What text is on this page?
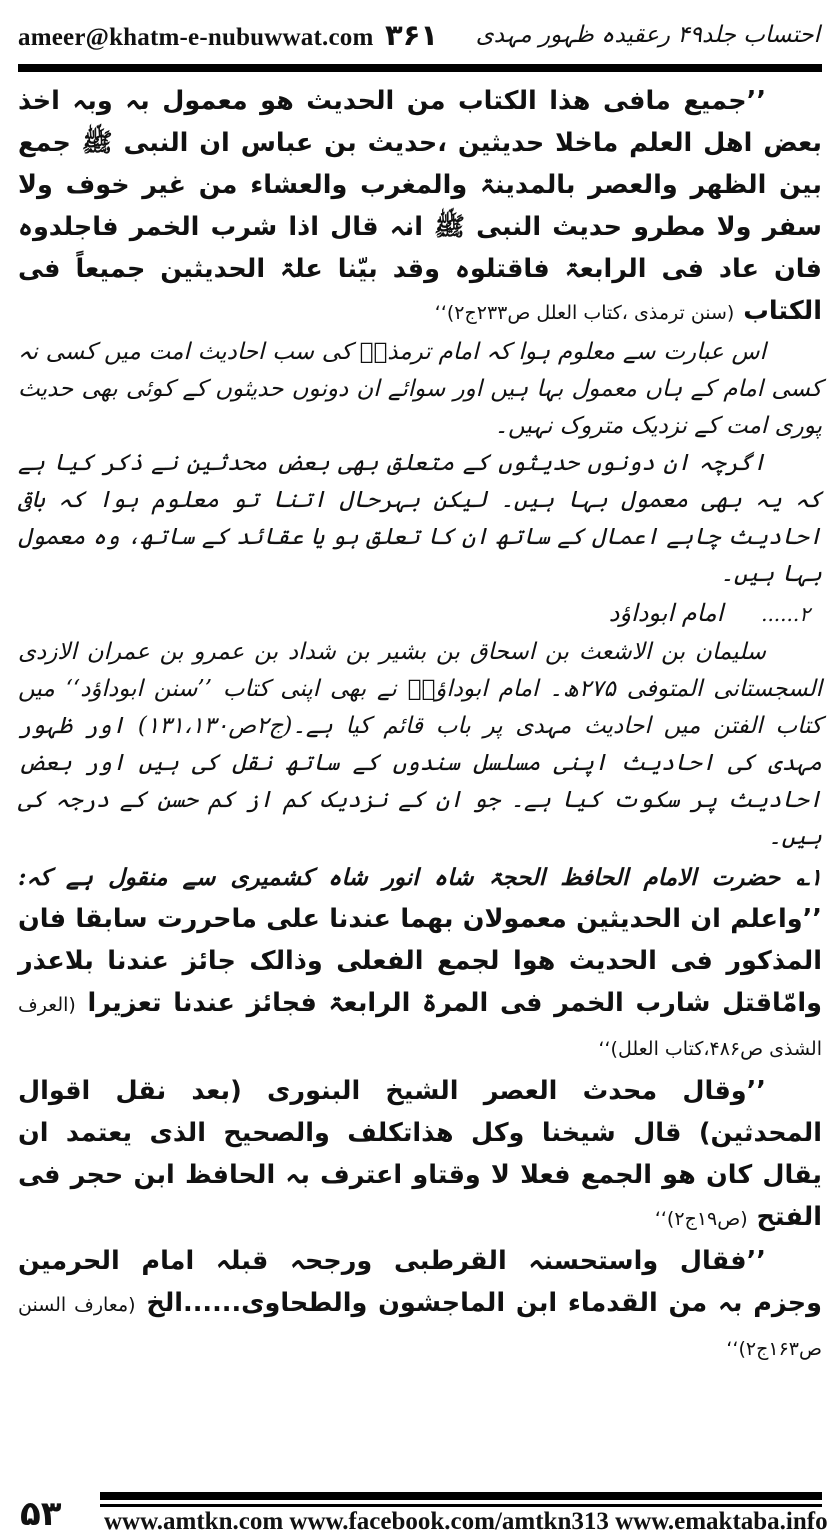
ameer@khatm-e-nubuwwat.com ۳۶۱ احتساب جلد۴۹ رعقیدہ ظہور مہدی

’’جمیع مافی ھذا الکتاب من الحدیث ھو معمول بہ وبہ اخذ بعض اھل العلم ماخلا حدیثین ،حدیث بن عباس ان النبی ﷺ جمع بین الظھر والعصر بالمدینۃ والمغرب والعشاء من غیر خوف ولا سفر ولا مطرو حدیث النبی ﷺ انہ قال اذا شرب الخمر فاجلدوہ فان عاد فی الرابعۃ فاقتلوہ وقد بیّنا علۃ الحدیثین جمیعاً فی الکتاب (سنن ترمذی ،کتاب العلل ص۲۳۳ج۲)‘‘

اس عبارت سے معلوم ہوا کہ امام ترمذیؒ کی سب احادیث امت میں کسی نہ کسی امام کے ہاں معمول بہا ہیں اور سوائے ان دونوں حدیثوں کے کوئی بھی حدیث پوری امت کے نزدیک متروک نہیں۔

اگرچہ ان دونوں حدیثوں کے متعلق بھی بعض محدثین نے ذکر کیا ہے کہ یہ بھی معمول بہا ہیں۔ لیکن بہرحال اتنا تو معلوم ہوا کہ باقی احادیث چاہے اعمال کے ساتھ ان کا تعلق ہو یا عقائد کے ساتھ، وہ معمول بہا ہیں۔

۲...... امام ابوداؤد

سلیمان بن الاشعث بن اسحاق بن بشیر بن شداد بن عمرو بن عمران الازدی السجستانی المتوفی ۲۷۵ھ۔ امام ابوداؤدؒ نے بھی اپنی کتاب ’’سنن ابوداؤد‘‘ میں کتاب الفتن میں احادیث مہدی پر باب قائم کیا ہے۔(ج۲ص۱۳۱،۱۳۰) اور ظہور مہدی کی احادیث اپنی مسلسل سندوں کے ساتھ نقل کی ہیں اور بعض احادیث پر سکوت کیا ہے۔ جو ان کے نزدیک کم از کم حسن کے درجہ کی ہیں۔

۱؎ حضرت الامام الحافظ الحجۃ شاہ انور شاہ کشمیری سے منقول ہے کہ: ’’واعلم ان الحدیثین معمولان بھما عندنا علی ماحررت سابقا فان المذکور فی الحدیث ھوا لجمع الفعلی وذالک جائز عندنا بلاعذر وامّاقتل شارب الخمر فی المرۃ الرابعۃ فجائز عندنا تعزیرا (العرف الشذی ص۴۸۶،کتاب العلل)‘‘

’’وقال محدث العصر الشیخ البنوری (بعد نقل اقوال المحدثین) قال شیخنا وکل ھذاتکلف والصحیح الذی یعتمد ان یقال کان ھو الجمع فعلا لا وقتاو اعترف بہ الحافظ ابن حجر فی الفتح (ص۱۹ج۲)‘‘

’’فقال واستحسنہ القرطبی ورجحہ قبلہ امام الحرمین وجزم بہ من القدماء ابن الماجشون والطحاوی......الخ (معارف السنن ص۱۶۳ج۲)‘‘

۵۳ www.amtkn.com www.facebook.com/amtkn313 www.emaktaba.info
